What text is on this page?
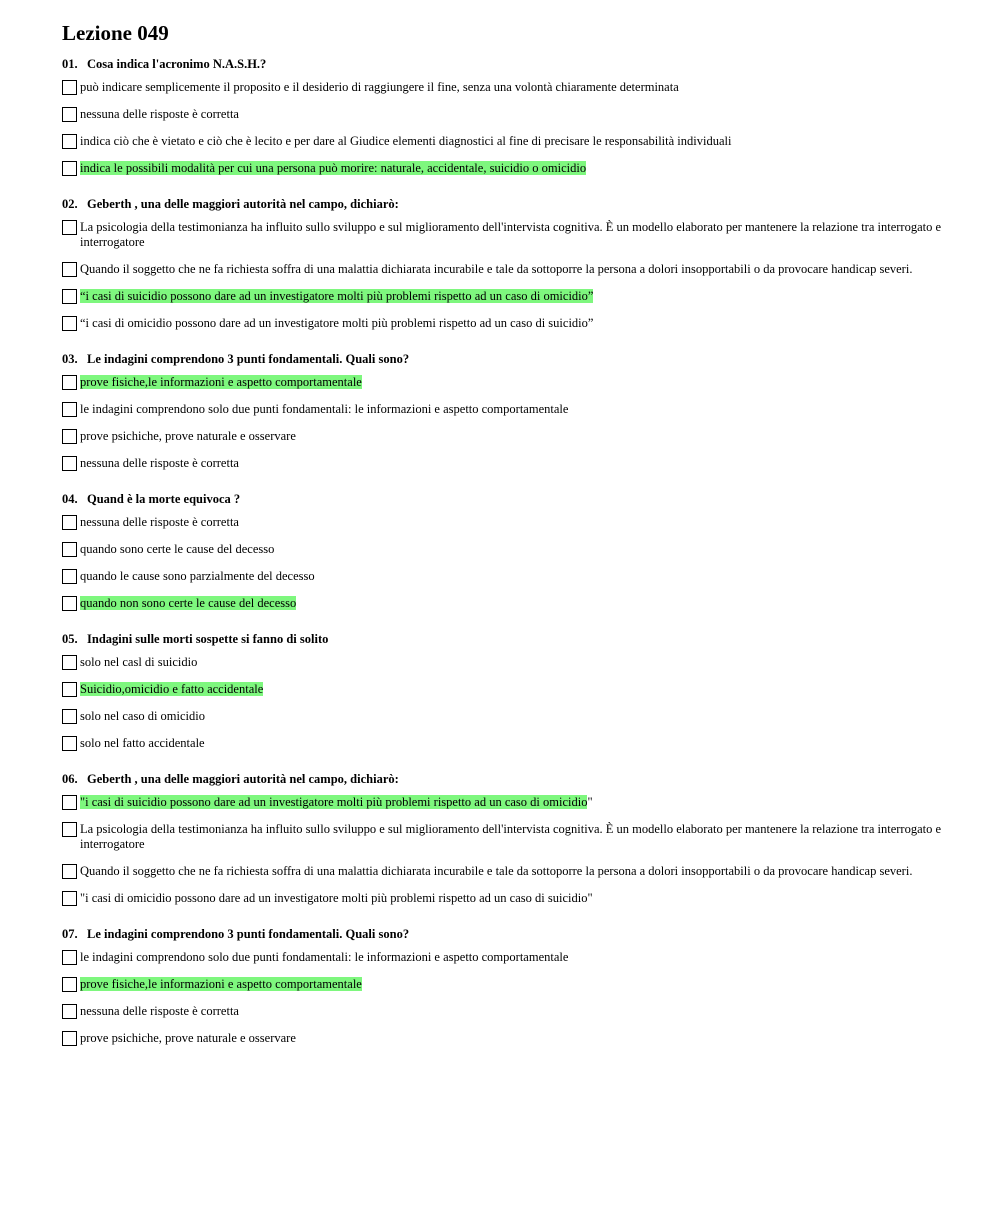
Lezione 049
01. Cosa indica l'acronimo N.A.S.H.?
può indicare semplicemente il proposito e il desiderio di raggiungere il fine, senza una volontà chiaramente determinata
nessuna delle risposte è corretta
indica ciò che è vietato e ciò che è lecito e per dare al Giudice elementi diagnostici al fine di precisare le responsabilità individuali
indica le possibili modalità per cui una persona può morire: naturale, accidentale, suicidio o omicidio
02. Geberth , una delle maggiori autorità nel campo, dichiarò:
La psicologia della testimonianza ha influito sullo sviluppo e sul miglioramento dell'intervista cognitiva. È un modello elaborato per mantenere la relazione tra interrogato e interrogatore
Quando il soggetto che ne fa richiesta soffra di una malattia dichiarata incurabile e tale da sottoporre la persona a dolori insopportabili o da provocare handicap severi.
“i casi di suicidio possono dare ad un investigatore molti più problemi rispetto ad un caso di omicidio”
“i casi di omicidio possono dare ad un investigatore molti più problemi rispetto ad un caso di suicidio”
03. Le indagini comprendono 3 punti fondamentali. Quali sono?
prove fisiche,le informazioni e aspetto comportamentale
le indagini comprendono solo due punti fondamentali: le informazioni e aspetto comportamentale
prove psichiche, prove naturale e osservare
nessuna delle risposte è corretta
04. Quand è la morte equivoca ?
nessuna delle risposte è corretta
quando sono certe le cause del decesso
quando le cause sono parzialmente del decesso
quando non sono certe le cause del decesso
05. Indagini sulle morti sospette si fanno di solito
solo nel casl di suicidio
Suicidio,omicidio e fatto accidentale
solo nel caso di omicidio
solo nel fatto accidentale
06. Geberth , una delle maggiori autorità nel campo, dichiarò:
"i casi di suicidio possono dare ad un investigatore molti più problemi rispetto ad un caso di omicidio"
La psicologia della testimonianza ha influito sullo sviluppo e sul miglioramento dell'intervista cognitiva. È un modello elaborato per mantenere la relazione tra interrogato e interrogatore
Quando il soggetto che ne fa richiesta soffra di una malattia dichiarata incurabile e tale da sottoporre la persona a dolori insopportabili o da provocare handicap severi.
"i casi di omicidio possono dare ad un investigatore molti più problemi rispetto ad un caso di suicidio"
07. Le indagini comprendono 3 punti fondamentali. Quali sono?
le indagini comprendono solo due punti fondamentali: le informazioni e aspetto comportamentale
prove fisiche,le informazioni e aspetto comportamentale
nessuna delle risposte è corretta
prove psichiche, prove naturale e osservare
